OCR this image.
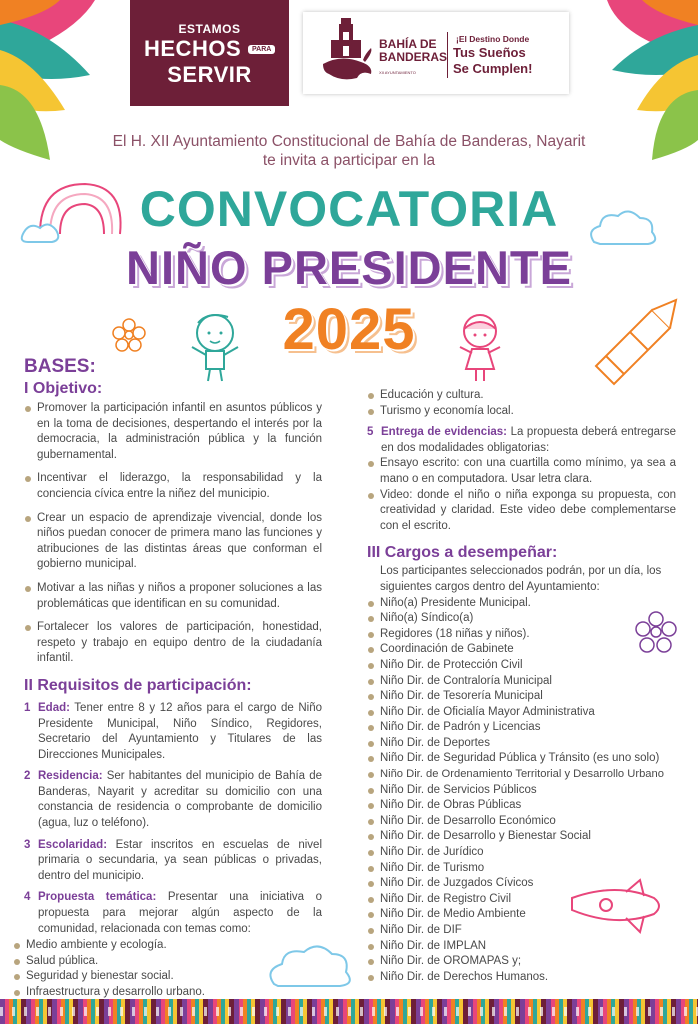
ESTAMOS
HECHOS	PARA
SERVIR
BAHÍA DE
BANDERAS
XII AYUNTAMIENTO
¡El Destino Donde
Tus Sueños
Se Cumplen!
El H. XII Ayuntamiento Constitucional de Bahía de Banderas, Nayarit
te invita a participar en la
CONVOCATORIA
NIÑO PRESIDENTE
2025
BASES:
I Objetivo:
Promover la participación infantil en asuntos públicos y en la toma de decisiones, despertando el interés por la democracia, la administración pública y la función gubernamental.
Incentivar el liderazgo, la responsabilidad y la conciencia cívica entre la niñez del municipio.
Crear un espacio de aprendizaje vivencial, donde los niños puedan conocer de primera mano las funciones y atribuciones de las distintas áreas que conforman el gobierno municipal.
Motivar a las niñas y niños a proponer soluciones a las problemáticas que identifican en su comunidad.
Fortalecer los valores de participación, honestidad, respeto y trabajo en equipo dentro de la ciudadanía infantil.
II Requisitos de participación:
1 Edad: Tener entre 8 y 12 años para el cargo de Niño Presidente Municipal, Niño Síndico, Regidores, Secretario del Ayuntamiento y Titulares de las Direcciones Municipales.
2 Residencia: Ser habitantes del municipio de Bahía de Banderas, Nayarit y acreditar su domicilio con una constancia de residencia o comprobante de domicilio (agua, luz o teléfono).
3 Escolaridad: Estar inscritos en escuelas de nivel primaria o secundaria, ya sean públicas o privadas, dentro del municipio.
4 Propuesta temática: Presentar una iniciativa o propuesta para mejorar algún aspecto de la comunidad, relacionada con temas como:
Medio ambiente y ecología.
Salud pública.
Seguridad y bienestar social.
Infraestructura y desarrollo urbano.
Educación y cultura.
Turismo y economía local.
5 Entrega de evidencias: La propuesta deberá entregarse en dos modalidades obligatorias:
Ensayo escrito: con una cuartilla como mínimo, ya sea a mano o en computadora. Usar letra clara.
Video: donde el niño o niña exponga su propuesta, con creatividad y claridad. Este video debe complementarse con el escrito.
III Cargos a desempeñar:
Los participantes seleccionados podrán, por un día, los siguientes cargos dentro del Ayuntamiento:
Niño(a) Presidente Municipal.
Niño(a) Síndico(a)
Regidores (18 niñas y niños).
Coordinación de Gabinete
Niño Dir. de Protección Civil
Niño Dir. de Contraloría Municipal
Niño Dir. de Tesorería Municipal
Niño Dir. de Oficialía Mayor Administrativa
Niño Dir. de Padrón y Licencias
Niño Dir. de Deportes
Niño Dir. de Seguridad Pública y Tránsito (es uno solo)
Niño Dir. de Ordenamiento Territorial y Desarrollo Urbano
Niño Dir. de Servicios Públicos
Niño Dir. de Obras Públicas
Niño Dir. de Desarrollo Económico
Niño Dir. de Desarrollo y Bienestar Social
Niño Dir. de Jurídico
Niño Dir. de Turismo
Niño Dir. de Juzgados Cívicos
Niño Dir. de Registro Civil
Niño Dir. de Medio Ambiente
Niño Dir. de DIF
Niño Dir. de IMPLAN
Niño Dir. de OROMAPAS y;
Niño Dir. de Derechos Humanos.
